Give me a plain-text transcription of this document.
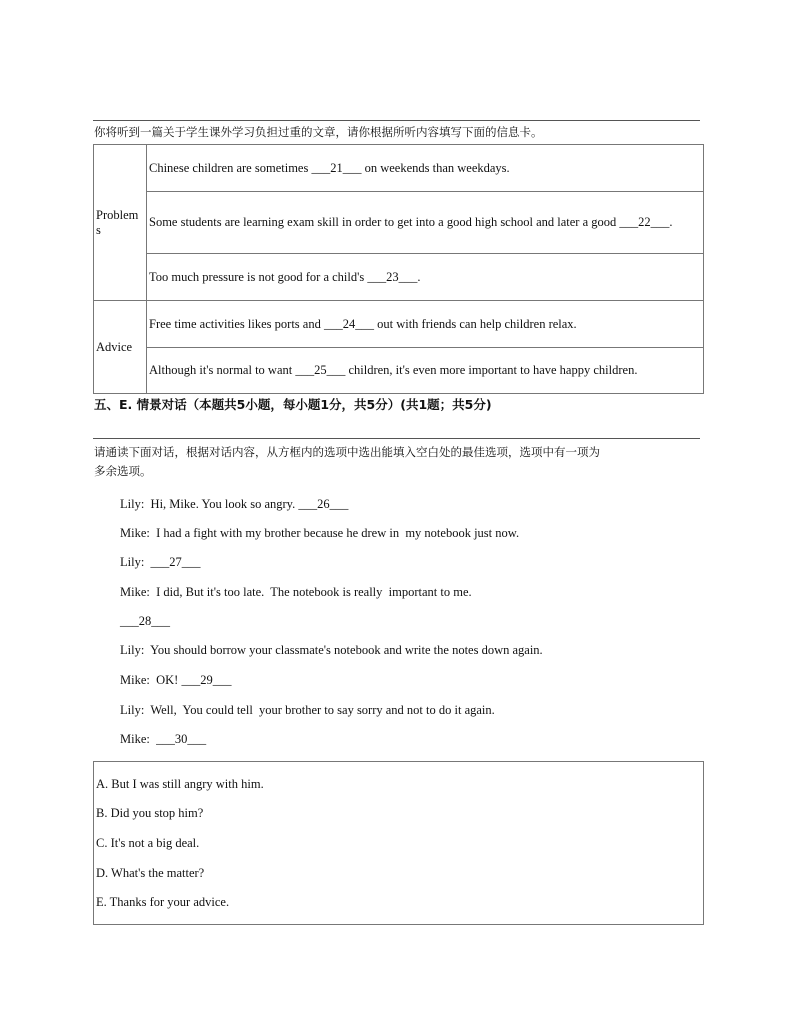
你将听到一篇关于学生课外学习负担过重的文章，请你根据所听内容填写下面的信息卡。
Problem
s	Chinese children are sometimes ___21___ on weekends than weekdays.
	Some students are learning exam skill in order to get into a good high school and later a good ___22___.
	Too much pressure is not good for a child's ___23___.
Advice	Free time activities likes ports and ___24___ out with friends can help children relax.
	Although it's normal to want ___25___ children, it's even more important to have happy children.
五、E. 情景对话（本题共5小题，每小题1分，共5分）(共1题；共5分)
请通读下面对话，根据对话内容，从方框内的选项中选出能填入空白处的最佳选项，选项中有一项为
多余选项。
Lily:  Hi, Mike. You look so angry. ___26___
Mike:  I had a fight with my brother because he drew in  my notebook just now.
Lily:  ___27___
Mike:  I did, But it's too late.  The notebook is really  important to me.
___28___
Lily:  You should borrow your classmate's notebook and write the notes down again.
Mike:  OK! ___29___
Lily:  Well,  You could tell  your brother to say sorry and not to do it again.
Mike:  ___30___
A. But I was still angry with him.
B. Did you stop him?
C. It's not a big deal.
D. What's the matter?
E. Thanks for your advice.
